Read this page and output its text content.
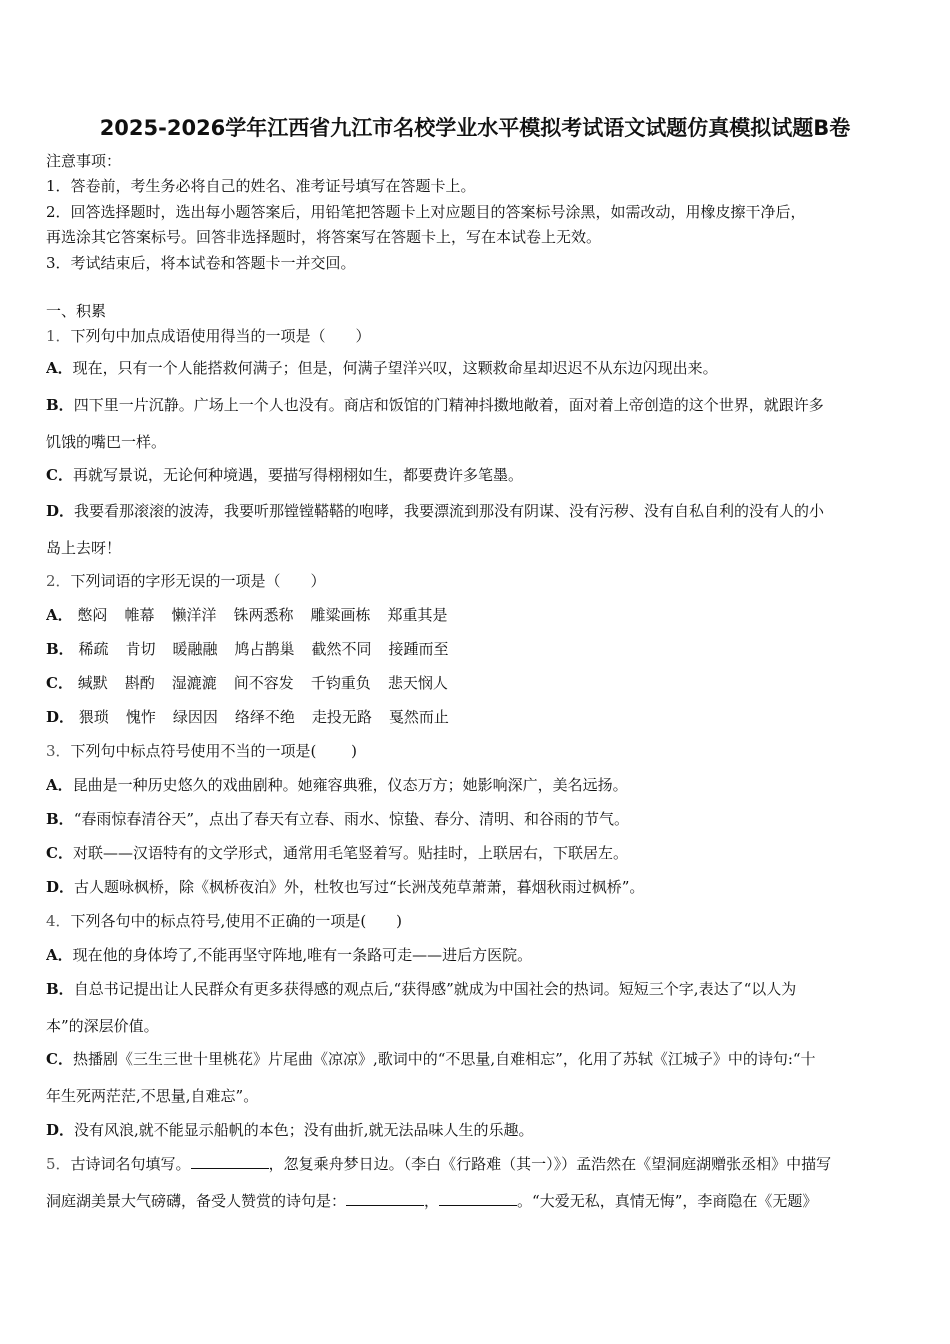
2025-2026学年江西省九江市名校学业水平模拟考试语文试题仿真模拟试题B卷
注意事项：
1．答卷前，考生务必将自己的姓名、准考证号填写在答题卡上。
2．回答选择题时，选出每小题答案后，用铅笔把答题卡上对应题目的答案标号涂黑，如需改动，用橡皮擦干净后，
再选涂其它答案标号。回答非选择题时，将答案写在答题卡上，写在本试卷上无效。
3．考试结束后，将本试卷和答题卡一并交回。
一、积累
1．下列句中加点成语使用得当的一项是（　　）
A．现在，只有一个人能搭救何满子；但是，何满子望洋兴叹，这颗救命星却迟迟不从东边闪现出来。
B．四下里一片沉静。广场上一个人也没有。商店和饭馆的门精神抖擞地敞着，面对着上帝创造的这个世界，就跟许多
饥饿的嘴巴一样。
C．再就写景说，无论何种境遇，要描写得栩栩如生，都要费许多笔墨。
D．我要看那滚滚的波涛，我要听那镗镗鞳鞳的咆哮，我要漂流到那没有阴谋、没有污秽、没有自私自利的没有人的小
岛上去呀！
2．下列词语的字形无误的一项是（　　）
A． 憋闷 帷幕 懒洋洋 铢两悉称 雕粱画栋 郑重其是
B． 稀疏 肯切 暖融融 鸠占鹊巢 截然不同 接踵而至
C． 缄默 斟酌 湿漉漉 间不容发 千钧重负 悲天悯人
D． 猥琐 愧怍 绿因因 络绎不绝 走投无路 戛然而止
3．下列句中标点符号使用不当的一项是(　　 )
A．昆曲是一种历史悠久的戏曲剧种。她雍容典雅，仪态万方；她影响深广，美名远扬。
B．“春雨惊春清谷天”，点出了春天有立春、雨水、惊蛰、春分、清明、和谷雨的节气。
C．对联——汉语特有的文学形式，通常用毛笔竖着写。贴挂时，上联居右，下联居左。
D．古人题咏枫桥，除《枫桥夜泊》外，杜牧也写过“长洲茂苑草萧萧，暮烟秋雨过枫桥”。
4．下列各句中的标点符号,使用不正确的一项是(　　)
A．现在他的身体垮了,不能再坚守阵地,唯有一条路可走——进后方医院。
B．自总书记提出让人民群众有更多获得感的观点后,“获得感”就成为中国社会的热词。短短三个字,表达了“以人为
本”的深层价值。
C．热播剧《三生三世十里桃花》片尾曲《凉凉》,歌词中的“不思量,自难相忘”，化用了苏轼《江城子》中的诗句:“十
年生死两茫茫,不思量,自难忘”。
D．没有风浪,就不能显示船帆的本色；没有曲折,就无法品味人生的乐趣。
5．古诗词名句填写。	，忽复乘舟梦日边。（李白《行路难（其一）》）孟浩然在《望洞庭湖赠张丞相》中描写
洞庭湖美景大气磅礴，备受人赞赏的诗句是：	，	。“大爱无私，真情无悔”，李商隐在《无题》
